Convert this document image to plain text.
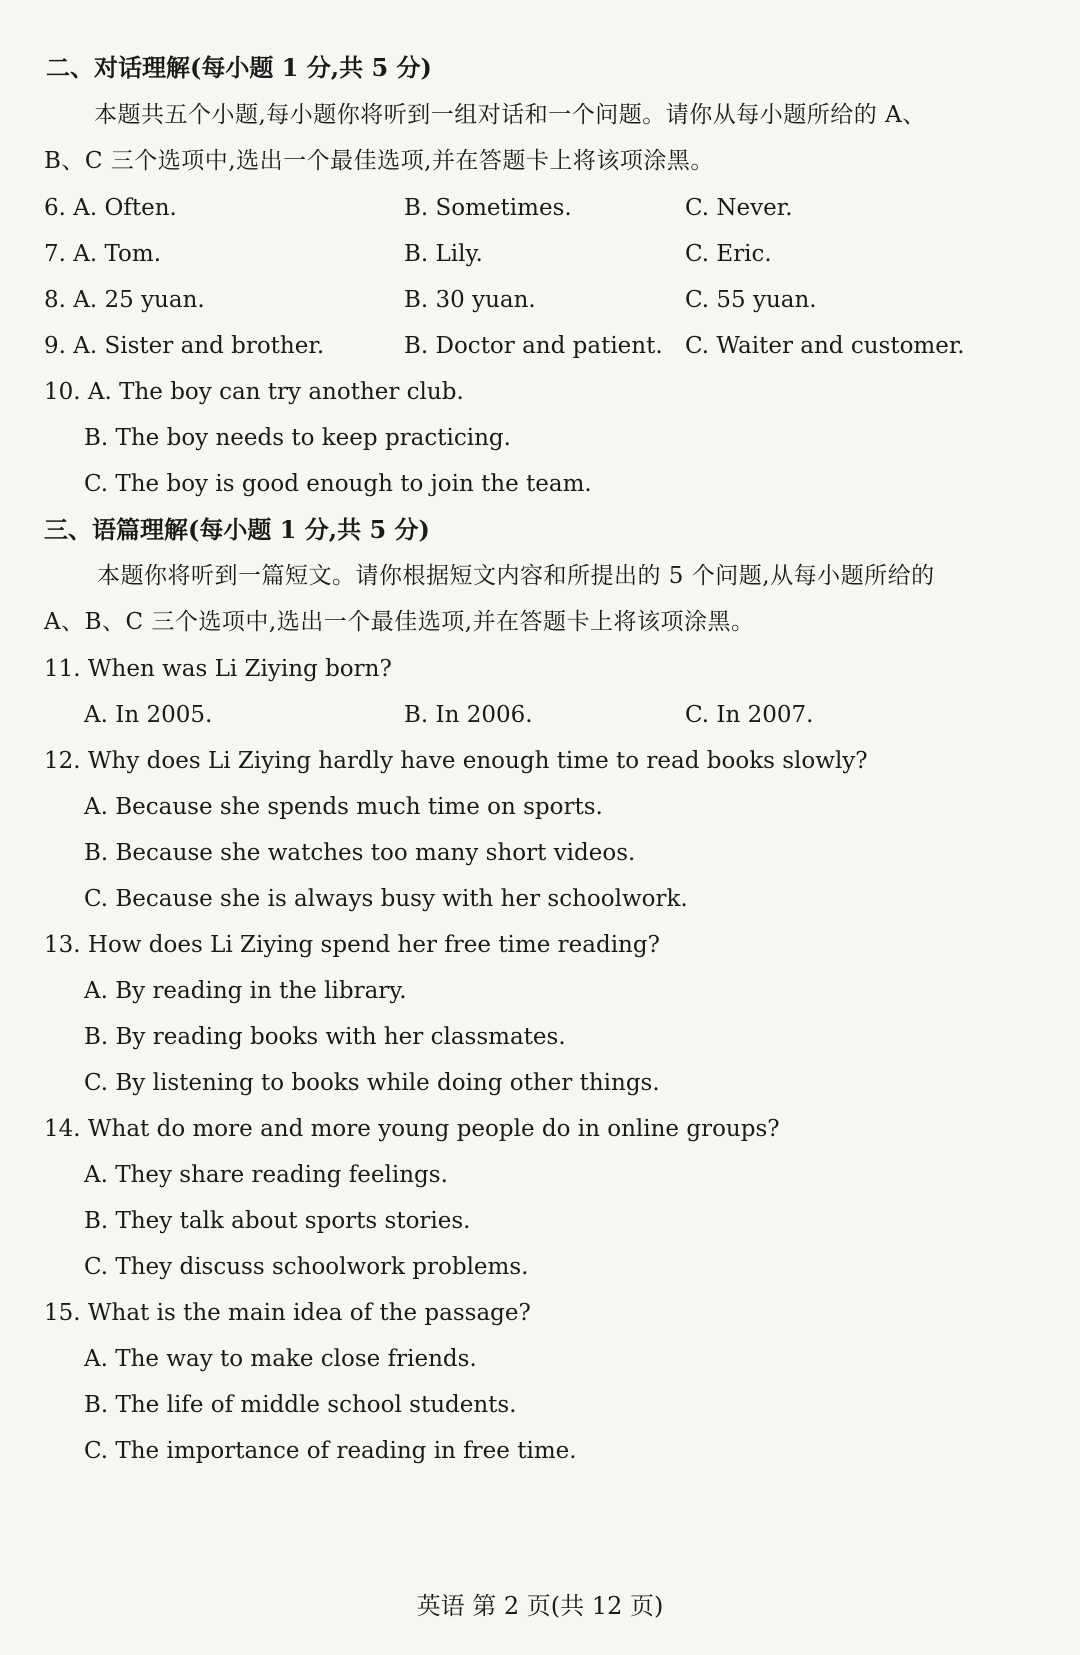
二、对话理解(每小题 1 分,共 5 分)
本题共五个小题,每小题你将听到一组对话和一个问题。请你从每小题所给的 A、
B、C 三个选项中,选出一个最佳选项,并在答题卡上将该项涂黑。
6. A. Often.	B. Sometimes.	C. Never.
7. A. Tom.	B. Lily.	C. Eric.
8. A. 25 yuan.	B. 30 yuan.	C. 55 yuan.
9. A. Sister and brother.	B. Doctor and patient. C. Waiter and customer.
10. A. The boy can try another club.
B. The boy needs to keep practicing.
C. The boy is good enough to join the team.
三、语篇理解(每小题 1 分,共 5 分)
本题你将听到一篇短文。请你根据短文内容和所提出的 5 个问题,从每小题所给的
A、B、C 三个选项中,选出一个最佳选项,并在答题卡上将该项涂黑。
11. When was Li Ziying born?
A. In 2005.	B. In 2006.	C. In 2007.
12. Why does Li Ziying hardly have enough time to read books slowly?
A. Because she spends much time on sports.
B. Because she watches too many short videos.
C. Because she is always busy with her schoolwork.
13. How does Li Ziying spend her free time reading?
A. By reading in the library.
B. By reading books with her classmates.
C. By listening to books while doing other things.
14. What do more and more young people do in online groups?
A. They share reading feelings.
B. They talk about sports stories.
C. They discuss schoolwork problems.
15. What is the main idea of the passage?
A. The way to make close friends.
B. The life of middle school students.
C. The importance of reading in free time.
英语 第 2 页(共 12 页)
